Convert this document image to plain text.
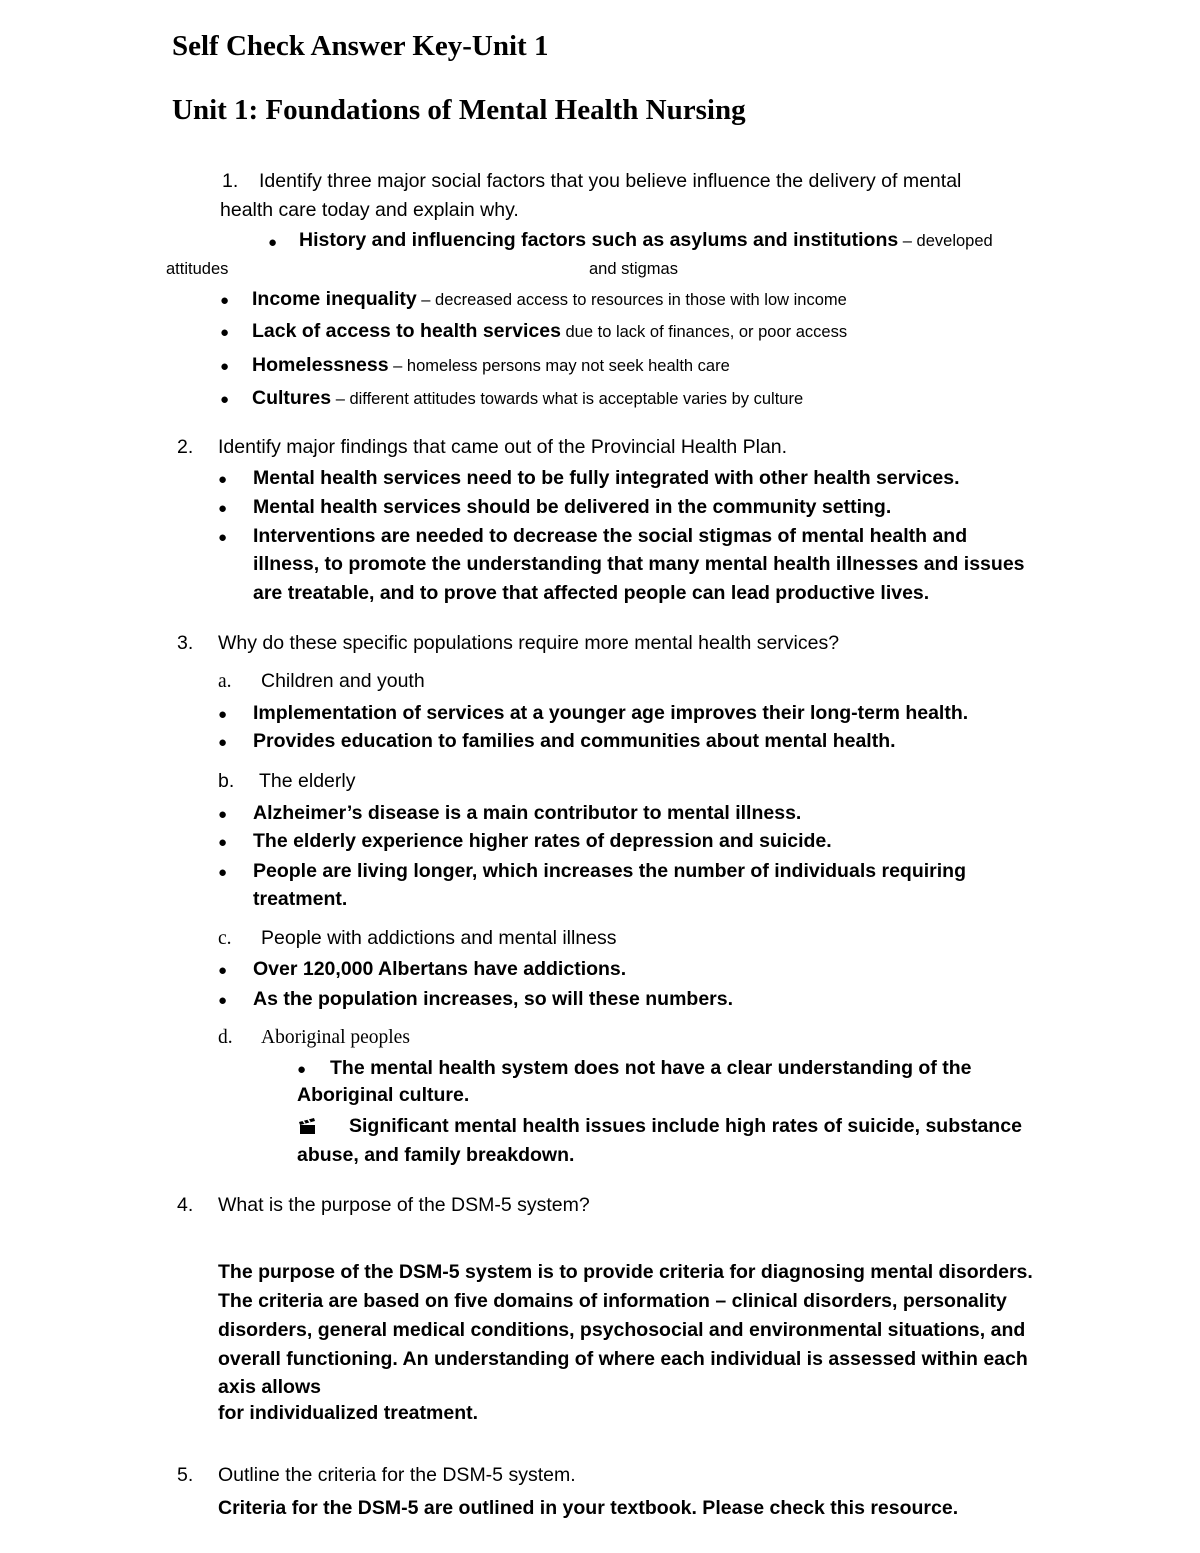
Self Check Answer Key-Unit 1
Unit 1: Foundations of Mental Health Nursing
1. Identify three major social factors that you believe influence the delivery of mental
health care today and explain why.
● History and influencing factors such as asylums and institutions – developed
attitudes	and stigmas
● Income inequality – decreased access to resources in those with low income
● Lack of access to health services due to lack of finances, or poor access
● Homelessness – homeless persons may not seek health care
● Cultures – different attitudes towards what is acceptable varies by culture
2. Identify major findings that came out of the Provincial Health Plan.
● Mental health services need to be fully integrated with other health services.
● Mental health services should be delivered in the community setting.
● Interventions are needed to decrease the social stigmas of mental health and
illness, to promote the understanding that many mental health illnesses and issues
are treatable, and to prove that affected people can lead productive lives.
3. Why do these specific populations require more mental health services?
a. Children and youth
● Implementation of services at a younger age improves their long-term health.
● Provides education to families and communities about mental health.
b. The elderly
● Alzheimer’s disease is a main contributor to mental illness.
● The elderly experience higher rates of depression and suicide.
● People are living longer, which increases the number of individuals requiring
treatment.
c. People with addictions and mental illness
● Over 120,000 Albertans have addictions.
● As the population increases, so will these numbers.
d. Aboriginal peoples
● The mental health system does not have a clear understanding of the
Aboriginal culture.
Significant mental health issues include high rates of suicide, substance
abuse, and family breakdown.
4. What is the purpose of the DSM-5 system?
The purpose of the DSM-5 system is to provide criteria for diagnosing mental disorders.
The criteria are based on five domains of information – clinical disorders, personality
disorders, general medical conditions, psychosocial and environmental situations, and
overall functioning. An understanding of where each individual is assessed within each
axis allows
for individualized treatment.
5. Outline the criteria for the DSM-5 system.
Criteria for the DSM-5 are outlined in your textbook. Please check this resource.
